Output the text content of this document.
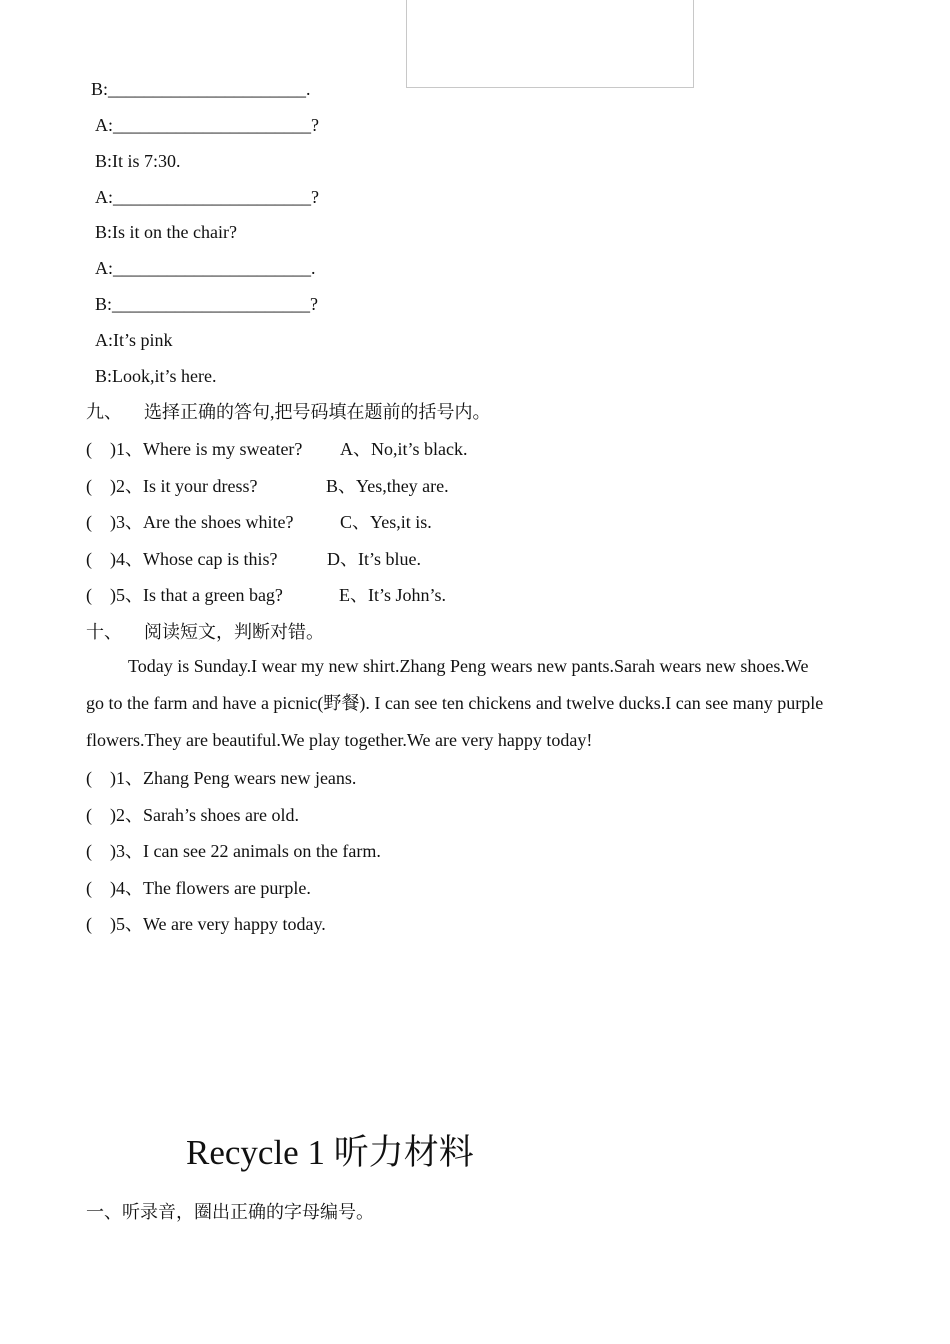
B:______________________.
A:______________________?
B:It is 7:30.
A:______________________?
B:Is it on the chair?
A:______________________.
B:______________________?
A:It’s pink
B:Look,it’s here.
九、 选择正确的答句,把号码填在题前的括号内。
( )1、Where is my sweater? A、No,it’s black.
( )2、Is it your dress?	B、Yes,they are.
( )3、Are the shoes white?	C、Yes,it is.
( )4、Whose cap is this?	D、It’s blue.
( )5、Is that a green bag?	E、It’s John’s.
十、 阅读短文，判断对错。
Today is Sunday.I wear my new shirt.Zhang Peng wears new pants.Sarah wears new shoes.We
go to the farm and have a picnic(野餐). I can see ten chickens and twelve ducks.I can see many purple
flowers.They are beautiful.We play together.We are very happy today!
( )1、Zhang Peng wears new jeans.
( )2、Sarah’s shoes are old.
( )3、I can see 22 animals on the farm.
( )4、The flowers are purple.
( )5、We are very happy today.
Recycle 1 听力材料
一、听录音，圈出正确的字母编号。
